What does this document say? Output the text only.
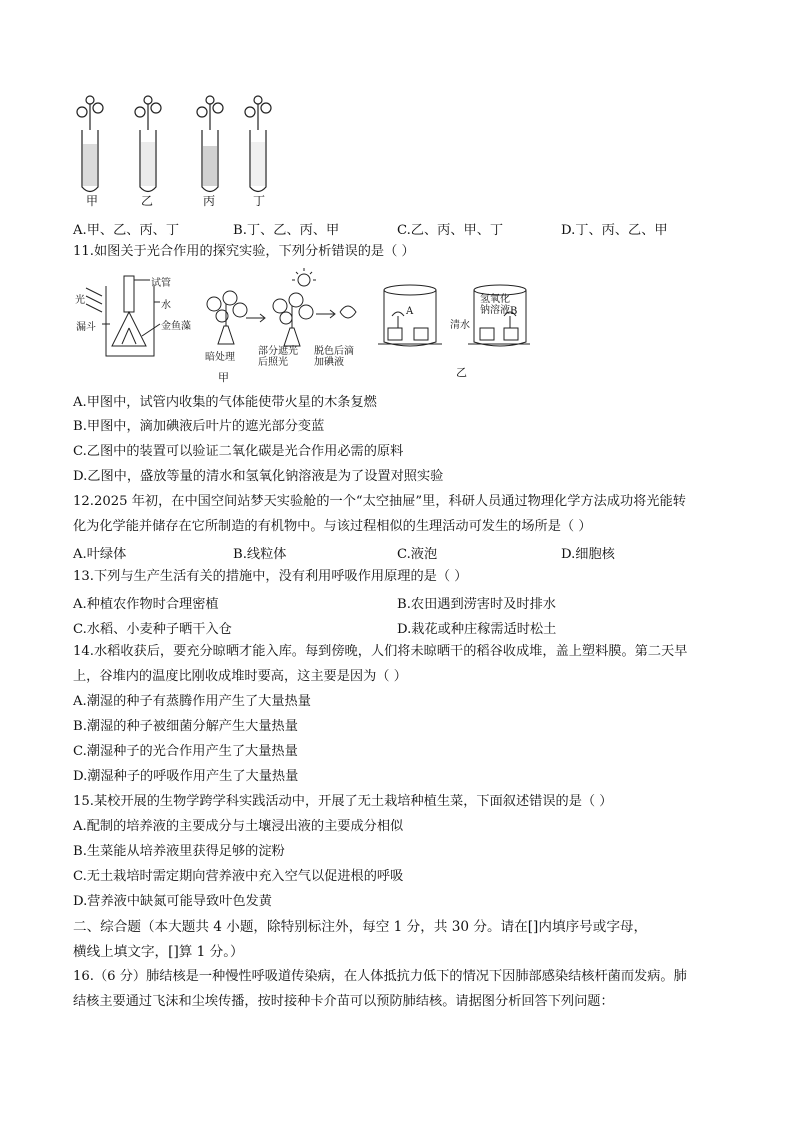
甲	乙	丙	丁
A.甲、乙、丙、丁	B.丁、乙、丙、甲	C.乙、丙、甲、丁	D.丁、丙、乙、甲
11.如图关于光合作用的探究实验，下列分析错误的是（ ）
光
漏斗
试管
水
金鱼藻
暗处理
部分遮光
后照光
脱色后滴
加碘液
甲
A
清水
氢氧化
钠溶液 B
乙
A.甲图中，试管内收集的气体能使带火星的木条复燃
B.甲图中，滴加碘液后叶片的遮光部分变蓝
C.乙图中的装置可以验证二氧化碳是光合作用必需的原料
D.乙图中，盛放等量的清水和氢氧化钠溶液是为了设置对照实验
12.2025 年初，在中国空间站梦天实验舱的一个“太空抽屉”里，科研人员通过物理化学方法成功将光能转
化为化学能并储存在它所制造的有机物中。与该过程相似的生理活动可发生的场所是（ ）
A.叶绿体	B.线粒体	C.液泡	D.细胞核
13.下列与生产生活有关的措施中，没有利用呼吸作用原理的是（ ）
A.种植农作物时合理密植	B.农田遇到涝害时及时排水
C.水稻、小麦种子晒干入仓	D.栽花或种庄稼需适时松土
14.水稻收获后，要充分晾晒才能入库。每到傍晚，人们将未晾晒干的稻谷收成堆，盖上塑料膜。第二天早
上，谷堆内的温度比刚收成堆时要高，这主要是因为（ ）
A.潮湿的种子有蒸腾作用产生了大量热量
B.潮湿的种子被细菌分解产生大量热量
C.潮湿种子的光合作用产生了大量热量
D.潮湿种子的呼吸作用产生了大量热量
15.某校开展的生物学跨学科实践活动中，开展了无土栽培种植生菜，下面叙述错误的是（ ）
A.配制的培养液的主要成分与土壤浸出液的主要成分相似
B.生菜能从培养液里获得足够的淀粉
C.无土栽培时需定期向营养液中充入空气以促进根的呼吸
D.营养液中缺氮可能导致叶色发黄
二、综合题（本大题共 4 小题，除特别标注外，每空 1 分，共 30 分。请在[]内填序号或字母，
横线上填文字，[]算 1 分。）
16.（6 分）肺结核是一种慢性呼吸道传染病，在人体抵抗力低下的情况下因肺部感染结核杆菌而发病。肺
结核主要通过飞沫和尘埃传播，按时接种卡介苗可以预防肺结核。请据图分析回答下列问题：
